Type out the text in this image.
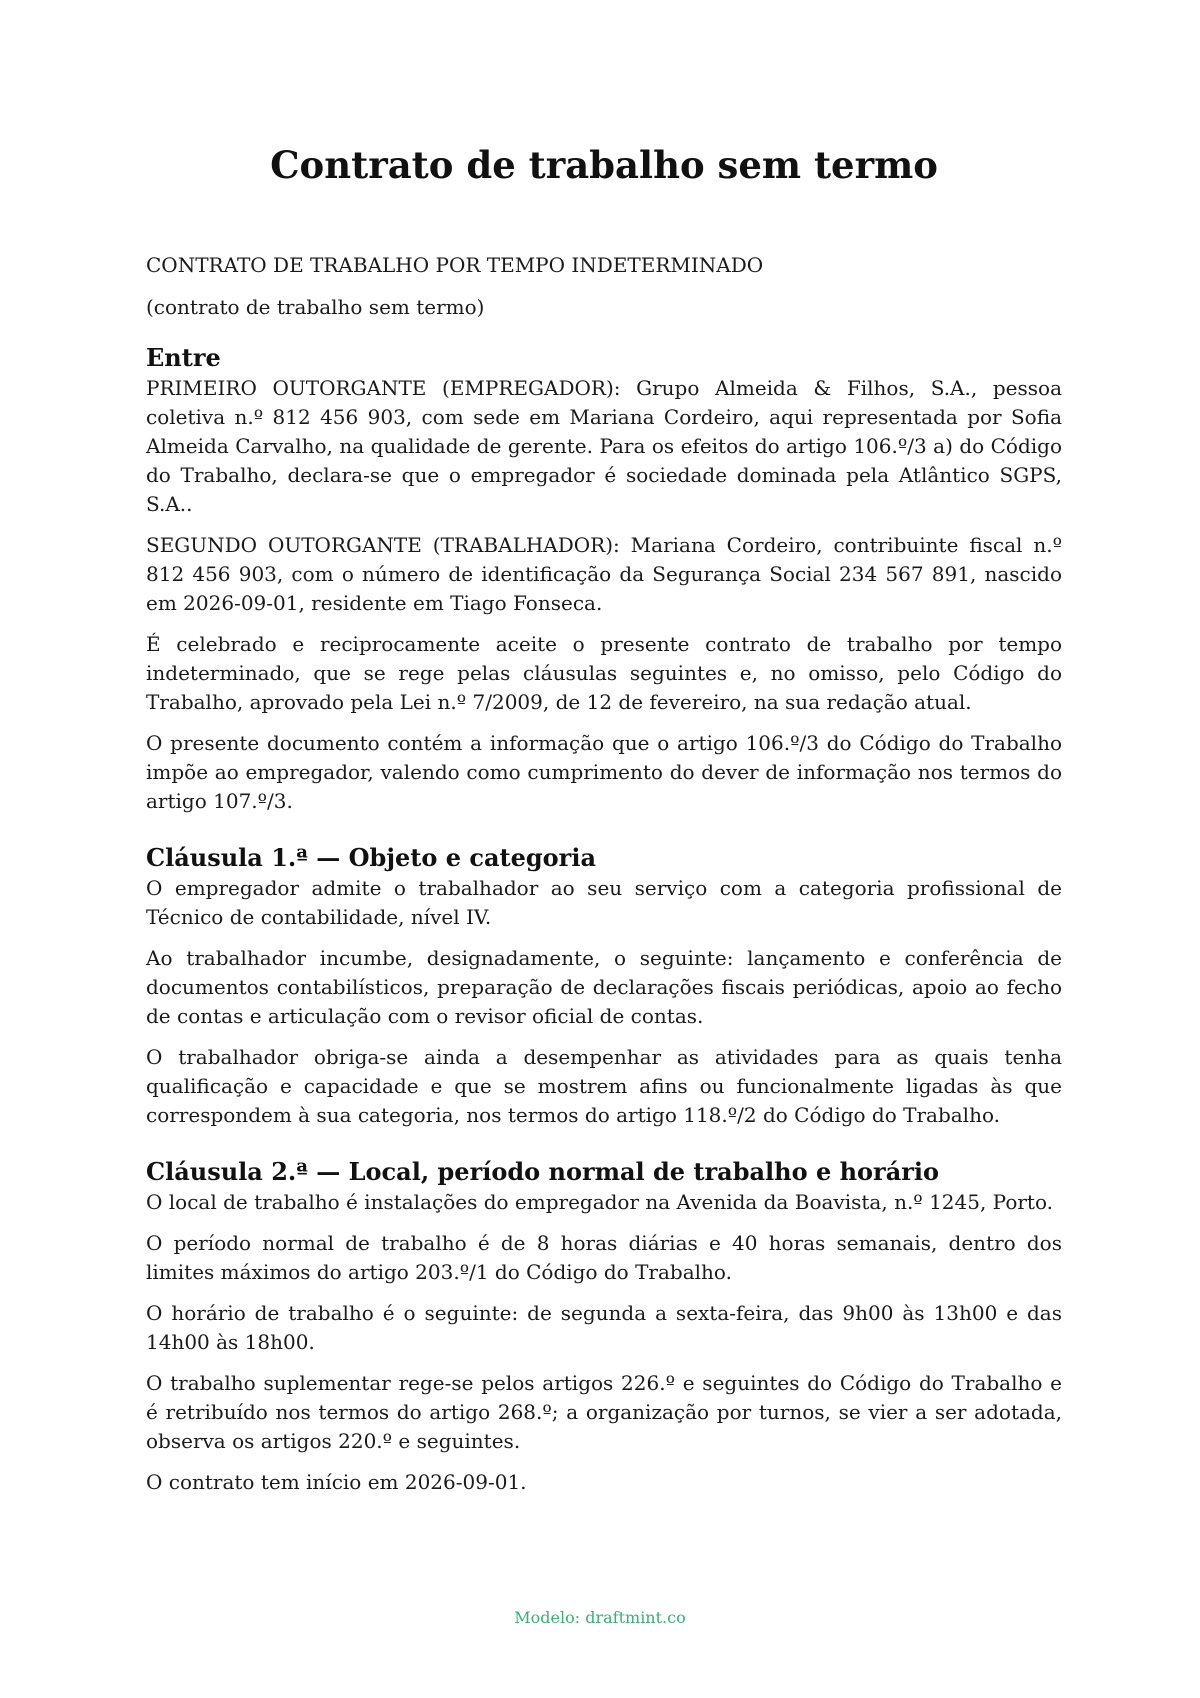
Contrato de trabalho sem termo

CONTRATO DE TRABALHO POR TEMPO INDETERMINADO

(contrato de trabalho sem termo)

Entre

PRIMEIRO OUTORGANTE (EMPREGADOR): Grupo Almeida & Filhos, S.A., pessoa coletiva n.º 812 456 903, com sede em Mariana Cordeiro, aqui representada por Sofia Almeida Carvalho, na qualidade de gerente. Para os efeitos do artigo 106.º/3 a) do Código do Trabalho, declara-se que o empregador é sociedade dominada pela Atlântico SGPS, S.A..

SEGUNDO OUTORGANTE (TRABALHADOR): Mariana Cordeiro, contribuinte fiscal n.º 812 456 903, com o número de identificação da Segurança Social 234 567 891, nascido em 2026-09-01, residente em Tiago Fonseca.

É celebrado e reciprocamente aceite o presente contrato de trabalho por tempo indeterminado, que se rege pelas cláusulas seguintes e, no omisso, pelo Código do Trabalho, aprovado pela Lei n.º 7/2009, de 12 de fevereiro, na sua redação atual.

O presente documento contém a informação que o artigo 106.º/3 do Código do Trabalho impõe ao empregador, valendo como cumprimento do dever de informação nos termos do artigo 107.º/3.

Cláusula 1.ª — Objeto e categoria

O empregador admite o trabalhador ao seu serviço com a categoria profissional de Técnico de contabilidade, nível IV.

Ao trabalhador incumbe, designadamente, o seguinte: lançamento e conferência de documentos contabilísticos, preparação de declarações fiscais periódicas, apoio ao fecho de contas e articulação com o revisor oficial de contas.

O trabalhador obriga-se ainda a desempenhar as atividades para as quais tenha qualificação e capacidade e que se mostrem afins ou funcionalmente ligadas às que correspondem à sua categoria, nos termos do artigo 118.º/2 do Código do Trabalho.

Cláusula 2.ª — Local, período normal de trabalho e horário

O local de trabalho é instalações do empregador na Avenida da Boavista, n.º 1245, Porto.

O período normal de trabalho é de 8 horas diárias e 40 horas semanais, dentro dos limites máximos do artigo 203.º/1 do Código do Trabalho.

O horário de trabalho é o seguinte: de segunda a sexta-feira, das 9h00 às 13h00 e das 14h00 às 18h00.

O trabalho suplementar rege-se pelos artigos 226.º e seguintes do Código do Trabalho e é retribuído nos termos do artigo 268.º; a organização por turnos, se vier a ser adotada, observa os artigos 220.º e seguintes.

O contrato tem início em 2026-09-01.

Modelo: draftmint.co
